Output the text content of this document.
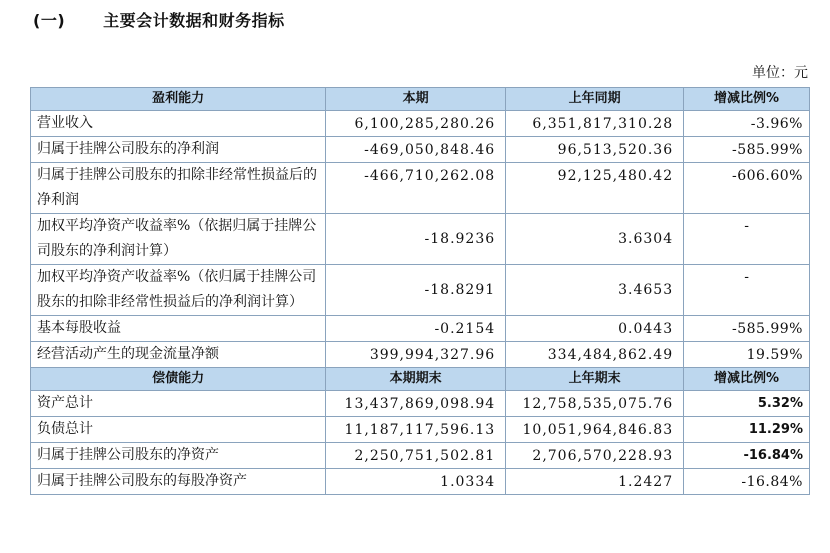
(一) 主要会计数据和财务指标
单位：元
盈利能力	本期	上年同期	增减比例%
营业收入	6,100,285,280.26	6,351,817,310.28	-3.96%
归属于挂牌公司股东的净利润	-469,050,848.46	96,513,520.36	-585.99%
归属于挂牌公司股东的扣除非经常性损益后的净利润	-466,710,262.08	92,125,480.42	-606.60%
加权平均净资产收益率%（依据归属于挂牌公司股东的净利润计算）	-18.9236	3.6304	-
加权平均净资产收益率%（依归属于挂牌公司股东的扣除非经常性损益后的净利润计算）	-18.8291	3.4653	-
基本每股收益	-0.2154	0.0443	-585.99%
经营活动产生的现金流量净额	399,994,327.96	334,484,862.49	19.59%
偿债能力	本期期末	上年期末	增减比例%
资产总计	13,437,869,098.94	12,758,535,075.76	5.32%
负债总计	11,187,117,596.13	10,051,964,846.83	11.29%
归属于挂牌公司股东的净资产	2,250,751,502.81	2,706,570,228.93	-16.84%
归属于挂牌公司股东的每股净资产	1.0334	1.2427	-16.84%
